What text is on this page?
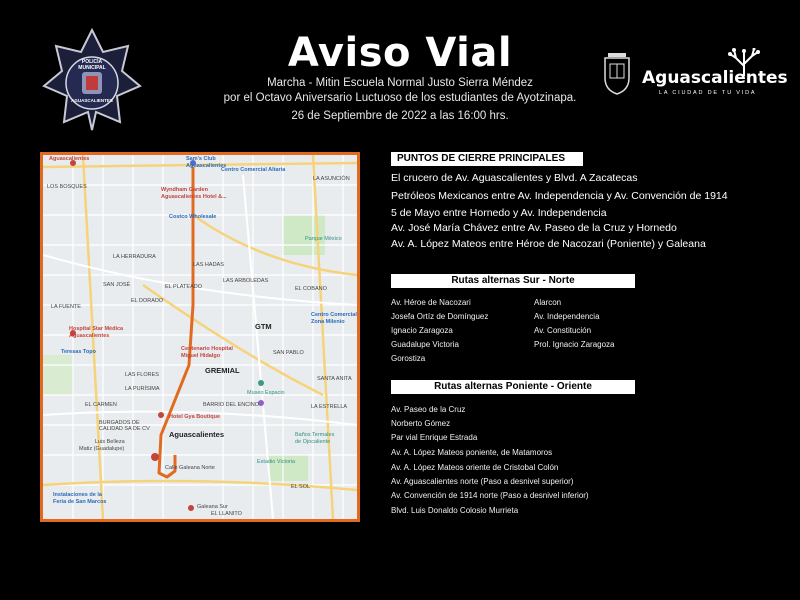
POLICÍA MUNICIPAL
AGUASCALIENTES
Aviso Vial
Marcha - Mitin Escuela Normal Justo Sierra Méndez
por el Octavo Aniversario Luctuoso de los estudiantes de Ayotzinapa.
26 de Septiembre de 2022 a las 16:00 hrs.
Aguascalientes
LA CIUDAD DE TU VIDA
Aguascalientes	Sam's Club
Aguascalientes
Centro Comercial Altaria
Wyndham Garden
Aguascalientes Hotel &...
Costco Wholesale
Parque México
Hospital Star Médica
Aguascalientes
GTM
Centro Comercial
Zona Milenio
Centenario Hospital
Miguel Hidalgo
GREMIAL
Museo Espacio
Teresas Topo
Hotel Gya Boutique
Aguascalientes
Luis Belleza
Matiz (Guadalupe)
Calle Galeana Norte
Estadio Victoria
Baños Termales
de Ojocaliente
Instalaciones de la
Feria de San Marcos
Galeana Sur
BURGADOS DE
CALIDAD SA DE CV
EL LLANITO
LOS BOSQUES
LA ASUNCIÓN
LAS HADAS
LA HERRADURA
EL PLATEADO
SAN JOSÉ
EL DORADO
LAS ARBOLEDAS
LA FUENTE
EL COBANO
EL CARMEN	BARRIO DEL ENCINO
LA PURÍSIMA
LAS FLORES
SAN PABLO
SANTA ANITA
EL SOL
LA ESTRELLA
PUNTOS DE CIERRE PRINCIPALES
El crucero de Av. Aguascalientes y Blvd. A Zacatecas
Petróleos Mexicanos entre Av. Independencia y Av. Convención de 1914
5 de Mayo entre Hornedo y Av. Independencia
Av. José María Chávez entre Av. Paseo de la Cruz y Hornedo
Av. A. López Mateos entre Héroe de Nacozari (Poniente) y Galeana
Rutas alternas Sur - Norte
Av. Héroe de Nacozari
Josefa Ortíz de Domínguez
Ignacio Zaragoza
Guadalupe Victoria
Gorostiza
Alarcon
Av. Independencia
Av. Constitución
Prol. Ignacio Zaragoza
Rutas alternas Poniente - Oriente
Av. Paseo de la Cruz
Norberto Gómez
Par vial Enrique Estrada
Av. A. López Mateos poniente, de Matamoros
Av. A. López Mateos oriente de Cristobal Colón
Av. Aguascalientes norte (Paso a desnivel superior)
Av. Convención de 1914 norte (Paso a desnivel inferior)
Blvd. Luis Donaldo Colosio Murrieta
